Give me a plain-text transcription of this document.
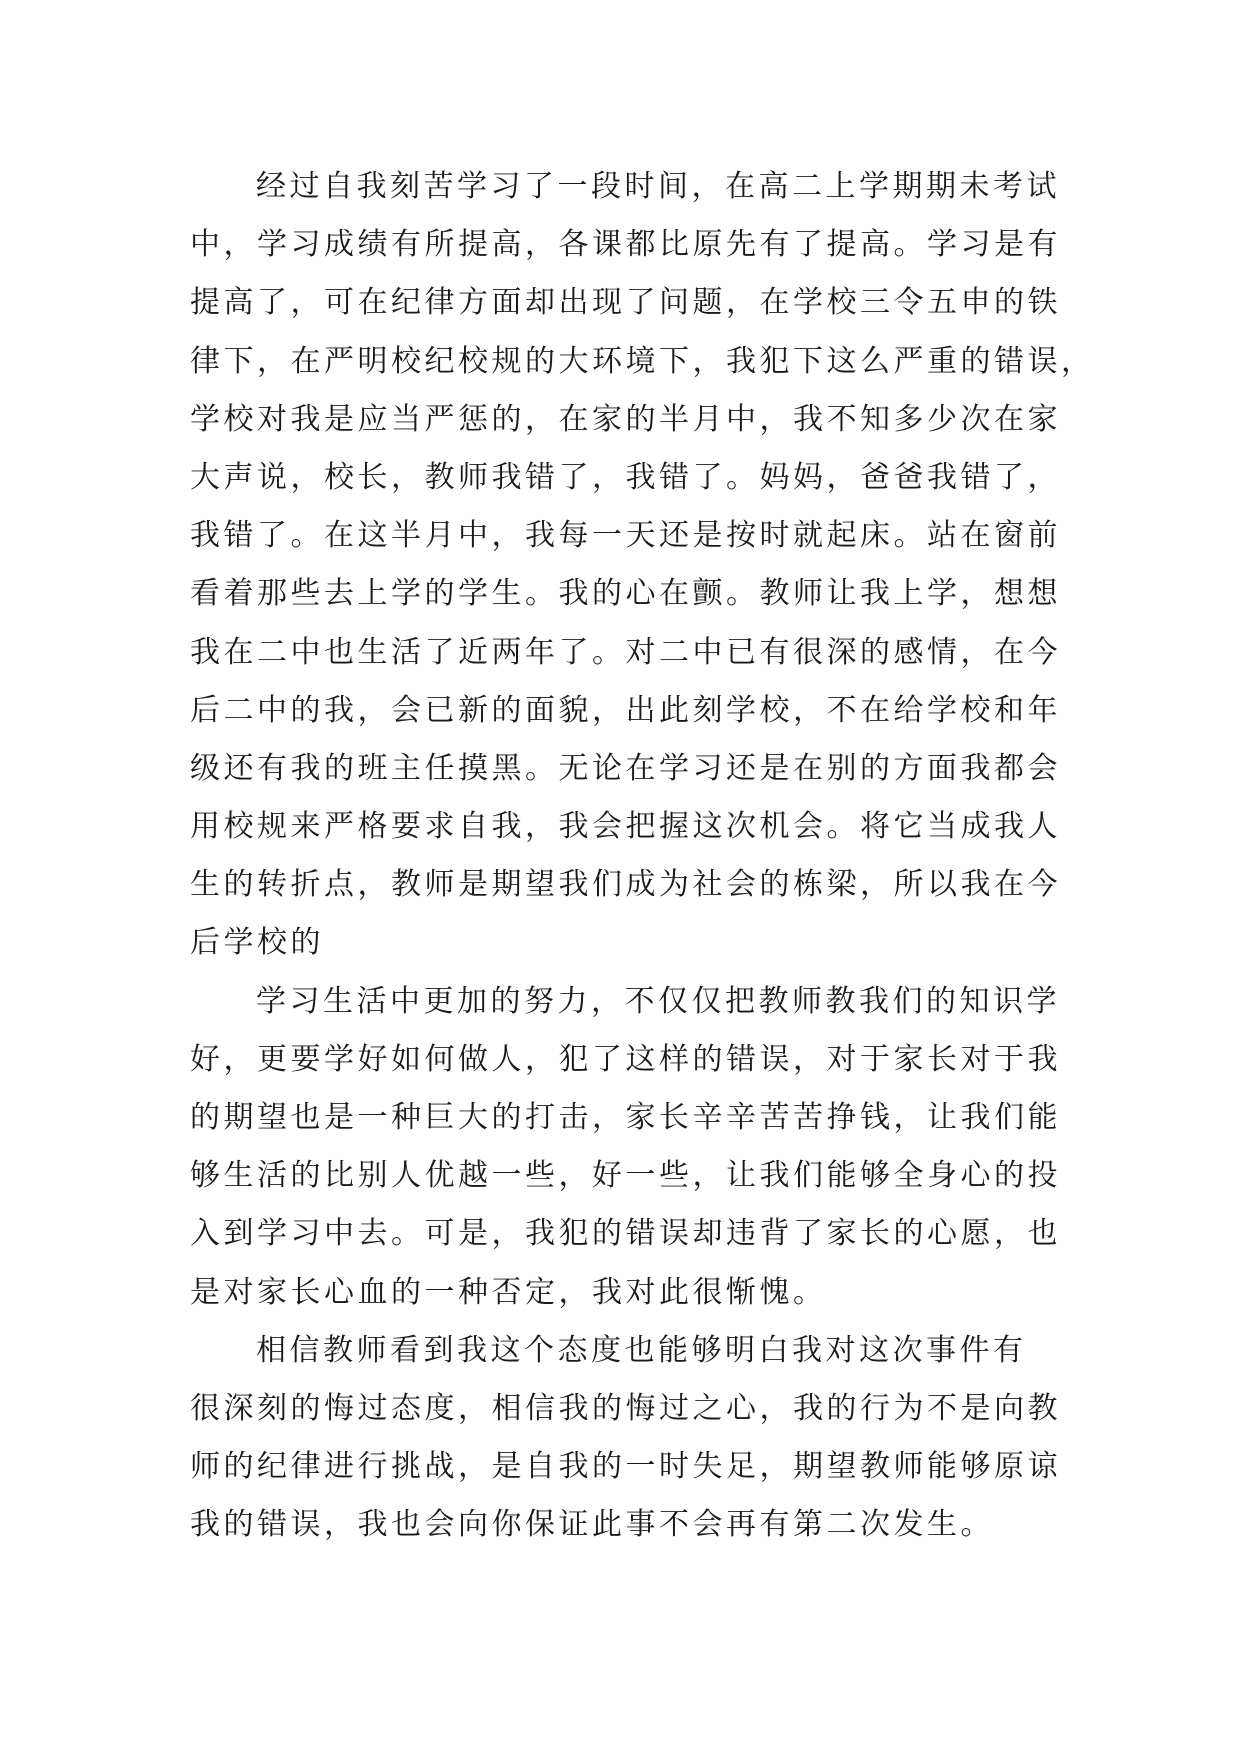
经过自我刻苦学习了一段时间，在高二上学期期未考试
中，学习成绩有所提高，各课都比原先有了提高。学习是有
提高了，可在纪律方面却出现了问题，在学校三令五申的铁
律下，在严明校纪校规的大环境下，我犯下这么严重的错误，
学校对我是应当严惩的，在家的半月中，我不知多少次在家
大声说，校长，教师我错了，我错了。妈妈，爸爸我错了，
我错了。在这半月中，我每一天还是按时就起床。站在窗前
看着那些去上学的学生。我的心在颤。教师让我上学，想想
我在二中也生活了近两年了。对二中已有很深的感情，在今
后二中的我，会已新的面貌，出此刻学校，不在给学校和年
级还有我的班主任摸黑。无论在学习还是在别的方面我都会
用校规来严格要求自我，我会把握这次机会。将它当成我人
生的转折点，教师是期望我们成为社会的栋梁，所以我在今
后学校的
学习生活中更加的努力，不仅仅把教师教我们的知识学
好，更要学好如何做人，犯了这样的错误，对于家长对于我
的期望也是一种巨大的打击，家长辛辛苦苦挣钱，让我们能
够生活的比别人优越一些，好一些，让我们能够全身心的投
入到学习中去。可是，我犯的错误却违背了家长的心愿，也
是对家长心血的一种否定，我对此很惭愧。
相信教师看到我这个态度也能够明白我对这次事件有
很深刻的悔过态度，相信我的悔过之心，我的行为不是向教
师的纪律进行挑战，是自我的一时失足，期望教师能够原谅
我的错误，我也会向你保证此事不会再有第二次发生。
